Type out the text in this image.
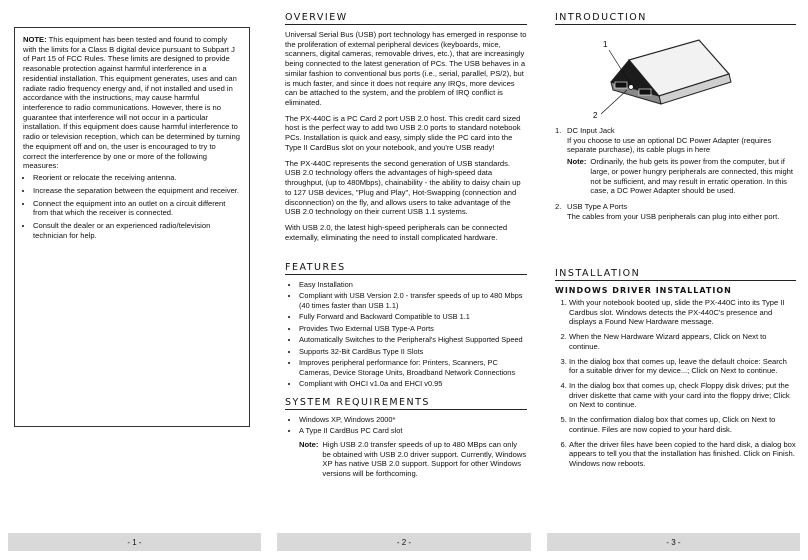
NOTE: This equipment has been tested and found to comply with the limits for a Class B digital device pursuant to Subpart J of Part 15 of FCC Rules. These limits are designed to provide reasonable protection against harmful interference in a residential installation. This equipment generates, uses and can radiate radio frequency energy and, if not installed and used in accordance with the instructions, may cause harmful interference to radio communications. However, there is no guarantee that interference will not occur in a particular installation. If this equipment does cause harmful interference to radio or television reception, which can be determined by turning the equipment off and on, the user is encouraged to try to correct the interference by one or more of the following measures:

• Reorient or relocate the receiving antenna.
• Increase the separation between the equipment and receiver.
• Connect the equipment into an outlet on a circuit different from that which the receiver is connected.
• Consult the dealer or an experienced radio/television technician for help.
- 1 -
OVERVIEW

Universal Serial Bus (USB) port technology has emerged in response to the proliferation of external peripheral devices (keyboards, mice, scanners, digital cameras, removable drives, etc.), that are increasingly being connected to the latest generation of PCs. The USB behaves in a similar fashion to conventional bus ports (i.e., serial, parallel, PS/2), but is much faster, and since it does not require any IRQs, more devices can be attached to the system, and the problem of IRQ conflict is eliminated.

The PX-440C is a PC Card 2 port USB 2.0 host. This credit card sized host is the perfect way to add two USB 2.0 ports to standard notebook PCs. Installation is quick and easy, simply slide the PC card into the Type II CardBus slot on your notebook, and you're USB ready!

The PX-440C represents the second generation of USB standards. USB 2.0 technology offers the advantages of high-speed data throughput, (up to 480Mbps), chainability - the ability to daisy chain up to 127 USB devices, "Plug and Play", Hot-Swapping (connection and disconnection) on the fly, and allows users to take advantage of the USB 2.0 technology on their current USB 1.1 systems.

With USB 2.0, the latest high-speed peripherals can be connected externally, eliminating the need to install complicated hardware.

FEATURES
• Easy Installation
• Compliant with USB Version 2.0 - transfer speeds of up to 480 Mbps (40 times faster than USB 1.1)
• Fully Forward and Backward Compatible to USB 1.1
• Provides Two External USB Type-A Ports
• Automatically Switches to the Peripheral's Highest Supported Speed
• Supports 32-Bit CardBus Type II Slots
• Improves peripheral performance for: Printers, Scanners, PC Cameras, Device Storage Units, Broadband Network Connections
• Compliant with OHCI v1.0a and EHCI v0.95
SYSTEM REQUIREMENTS
• Windows XP, Windows 2000*
• A Type II CardBus PC Card slot
Note: High USB 2.0 transfer speeds of up to 480 MBps can only be obtained with USB 2.0 driver support. Currently, Windows XP has native USB 2.0 support. Support for other Windows versions will be forthcoming.
- 2 -
INTRODUCTION
1
2
1. DC Input Jack
If you choose to use an optional DC Power Adapter (requires separate purchase), its cable plugs in here
Note: Ordinarily, the hub gets its power from the computer, but if large, or power hungry peripherals are connected, this might not be sufficient, and may result in erratic operation. In this case, a DC Power Adapter should be used.
2. USB Type A Ports
The cables from your USB peripherals can plug into either port.
INSTALLATION
WINDOWS DRIVER INSTALLATION
1. With your notebook booted up, slide the PX-440C into its Type II Cardbus slot. Windows detects the PX-440C's presence and displays a Found New Hardware message.
2. When the New Hardware Wizard appears, Click on Next to continue.
3. In the dialog box that comes up, leave the default choice: Search for a suitable driver for my device...; Click on Next to continue.
4. In the dialog box that comes up, check Floppy disk drives; put the driver diskette that came with your card into the floppy drive; Click on Next to continue.
5. In the confirmation dialog box that comes up, Click on Next to continue. Files are now copied to your hard disk.
6. After the driver files have been copied to the hard disk, a dialog box appears to tell you that the installation has finished. Click on Finish. Windows now reboots.
- 3 -
